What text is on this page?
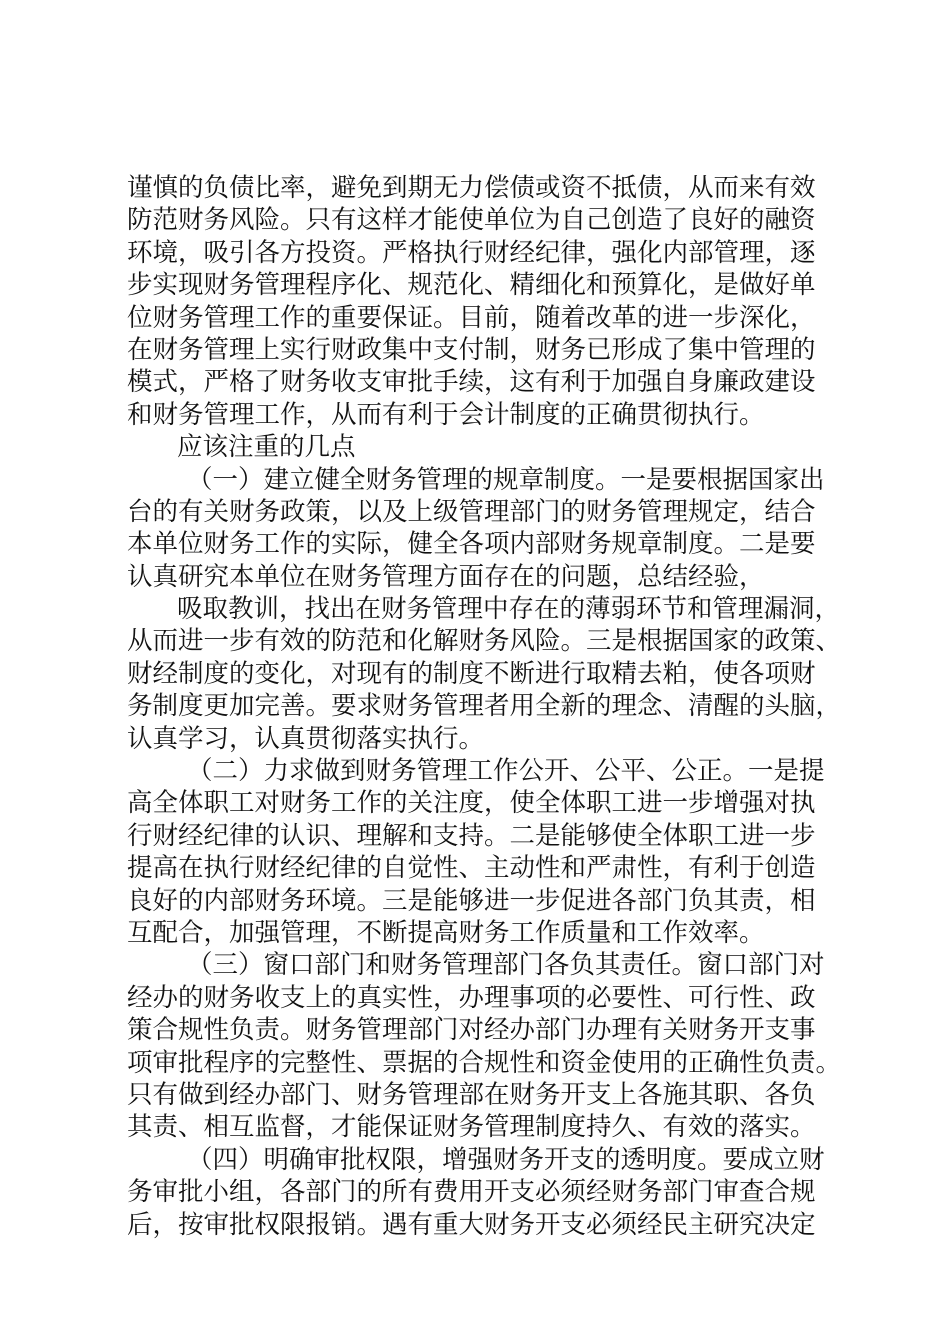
谨慎的负债比率，避免到期无力偿债或资不抵债，从而来有效
防范财务风险。只有这样才能使单位为自己创造了良好的融资
环境，吸引各方投资。严格执行财经纪律，强化内部管理，逐
步实现财务管理程序化、规范化、精细化和预算化，是做好单
位财务管理工作的重要保证。目前，随着改革的进一步深化，
在财务管理上实行财政集中支付制，财务已形成了集中管理的
模式，严格了财务收支审批手续，这有利于加强自身廉政建设
和财务管理工作，从而有利于会计制度的正确贯彻执行。
应该注重的几点
（一）建立健全财务管理的规章制度。一是要根据国家出
台的有关财务政策，以及上级管理部门的财务管理规定，结合
本单位财务工作的实际，健全各项内部财务规章制度。二是要
认真研究本单位在财务管理方面存在的问题，总结经验，
吸取教训，找出在财务管理中存在的薄弱环节和管理漏洞，
从而进一步有效的防范和化解财务风险。三是根据国家的政策、
财经制度的变化，对现有的制度不断进行取精去粕，使各项财
务制度更加完善。要求财务管理者用全新的理念、清醒的头脑，
认真学习，认真贯彻落实执行。
（二）力求做到财务管理工作公开、公平、公正。一是提
高全体职工对财务工作的关注度，使全体职工进一步增强对执
行财经纪律的认识、理解和支持。二是能够使全体职工进一步
提高在执行财经纪律的自觉性、主动性和严肃性，有利于创造
良好的内部财务环境。三是能够进一步促进各部门负其责，相
互配合，加强管理，不断提高财务工作质量和工作效率。
（三）窗口部门和财务管理部门各负其责任。窗口部门对
经办的财务收支上的真实性，办理事项的必要性、可行性、政
策合规性负责。财务管理部门对经办部门办理有关财务开支事
项审批程序的完整性、票据的合规性和资金使用的正确性负责。
只有做到经办部门、财务管理部在财务开支上各施其职、各负
其责、相互监督，才能保证财务管理制度持久、有效的落实。
（四）明确审批权限，增强财务开支的透明度。要成立财
务审批小组，各部门的所有费用开支必须经财务部门审查合规
后，按审批权限报销。遇有重大财务开支必须经民主研究决定
